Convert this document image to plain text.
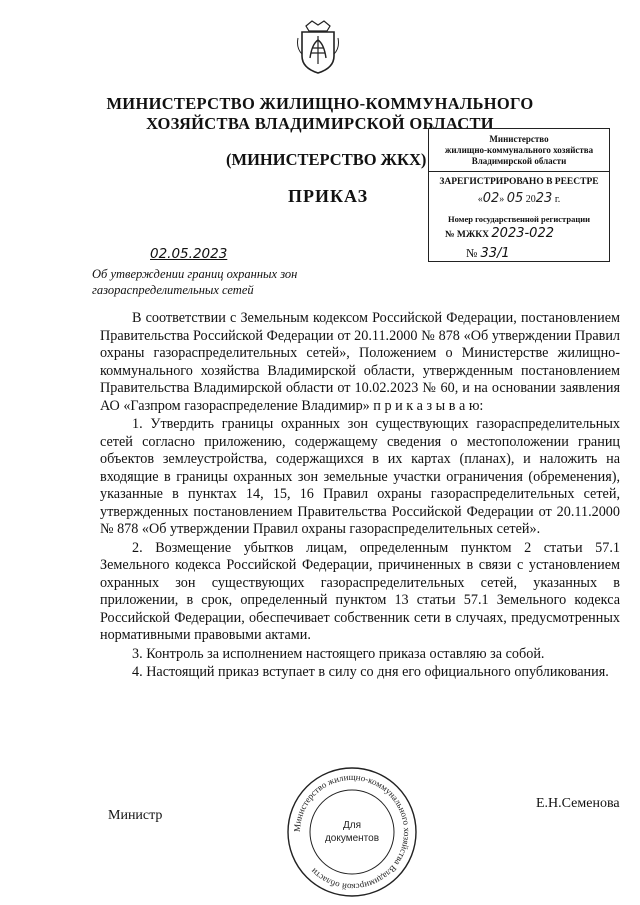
МИНИСТЕРСТВО ЖИЛИЩНО-КОММУНАЛЬНОГО
ХОЗЯЙСТВА ВЛАДИМИРСКОЙ ОБЛАСТИ
(МИНИСТЕРСТВО ЖКХ)
ПРИКАЗ
Министерство
жилищно-коммунального хозяйства
Владимирской области
ЗАРЕГИСТРИРОВАНО В РЕЕСТРЕ
«02» 05 2023 г.
Номер государственной регистрации
№ МЖКХ 2023-022
№ 33/1
02.05.2023
Об утверждении границ охранных зон газораспределительных сетей

В соответствии с Земельным кодексом Российской Федерации, постановлением Правительства Российской Федерации от 20.11.2000 № 878 «Об утверждении Правил охраны газораспределительных сетей», Положением о Министерстве жилищно-коммунального хозяйства Владимирской области, утвержденным постановлением Правительства Владимирской области от 10.02.2023 № 60, и на основании заявления АО «Газпром газораспределение Владимир» п р и к а з ы в а ю:

1. Утвердить границы охранных зон существующих газораспределительных сетей согласно приложению, содержащему сведения о местоположении границ объектов землеустройства, содержащихся в их картах (планах), и наложить на входящие в границы охранных зон земельные участки ограничения (обременения), указанные в пунктах 14, 15, 16 Правил охраны газораспределительных сетей, утвержденных постановлением Правительства Российской Федерации от 20.11.2000 № 878 «Об утверждении Правил охраны газораспределительных сетей».

2. Возмещение убытков лицам, определенным пунктом 2 статьи 57.1 Земельного кодекса Российской Федерации, причиненных в связи с установлением охранных зон существующих газораспределительных сетей, указанных в приложении, в срок, определенный пунктом 13 статьи 57.1 Земельного кодекса Российской Федерации, обеспечивает собственник сети в случаях, предусмотренных нормативными правовыми актами.

3. Контроль за исполнением настоящего приказа оставляю за собой.

4. Настоящий приказ вступает в силу со дня его официального опубликования.

Министр
Е.Н.Семенова
Министерство жилищно-коммунального хозяйства Владимирской области
Для
документов
